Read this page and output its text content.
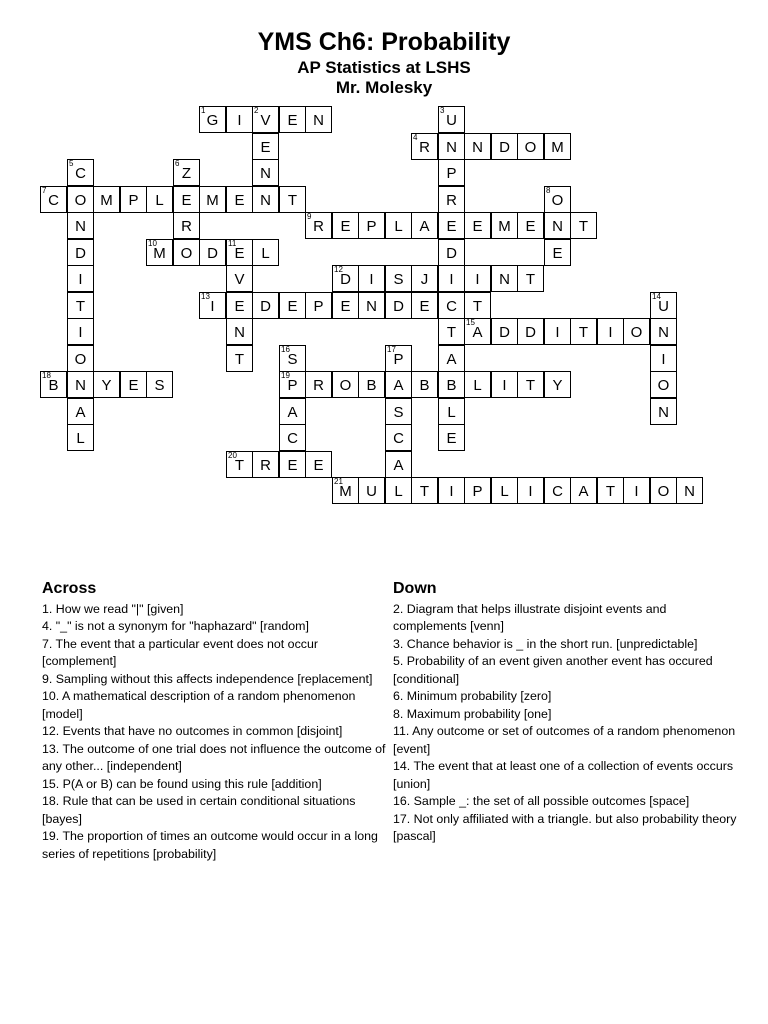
YMS Ch6: Probability
AP Statistics at LSHS
Mr. Molesky
1
G	I
2
V	E	N
E
N
N
3
U
N
P
R
E
D
I
C
T
A
B
L
E
4
R	N	D O M
5
C
O
N
D
I
T
I
O
N
A
L
6
Z
E
R
O
7
C	M	P	L	M	E	T
8
O
N
E
9
R	E	P	L	A	E	M E	T
10
M	D
11
E	L
V
E
N
T
12
D	I	S	J	I	N	T
13
I	D	E	P	E	N	D	E	T
14
U
N
I
O
N
15
A	D	D	I	T	I	O
16
S
19
P
A
C
E
17
P
A
S
C
A
L
18
B	Y	E	S	R	O	B	B	L	I	T	Y
20
T	R	E
21
M U	T	I	P	L	I	C	A	T	I	O N
Across

1. How we read "|" [given]

4. "_" is not a synonym for "haphazard" [random]

7. The event that a particular event does not occur [complement]

9. Sampling without this affects independence [replacement]

10. A mathematical description of a random phenomenon [model]

12. Events that have no outcomes in common [disjoint]

13. The outcome of one trial does not influence the outcome of any other... [independent]

15. P(A or B) can be found using this rule [addition]

18. Rule that can be used in certain conditional situations [bayes]

19. The proportion of times an outcome would occur in a long series of repetitions [probability]

Down

2. Diagram that helps illustrate disjoint events and complements [venn]

3. Chance behavior is _ in the short run. [unpredictable]

5. Probability of an event given another event has occured [conditional]

6. Minimum probability [zero]

8. Maximum probability [one]

11. Any outcome or set of outcomes of a random phenomenon [event]

14. The event that at least one of a collection of events occurs [union]

16. Sample _: the set of all possible outcomes [space]

17. Not only affiliated with a triangle. but also probability theory [pascal]
